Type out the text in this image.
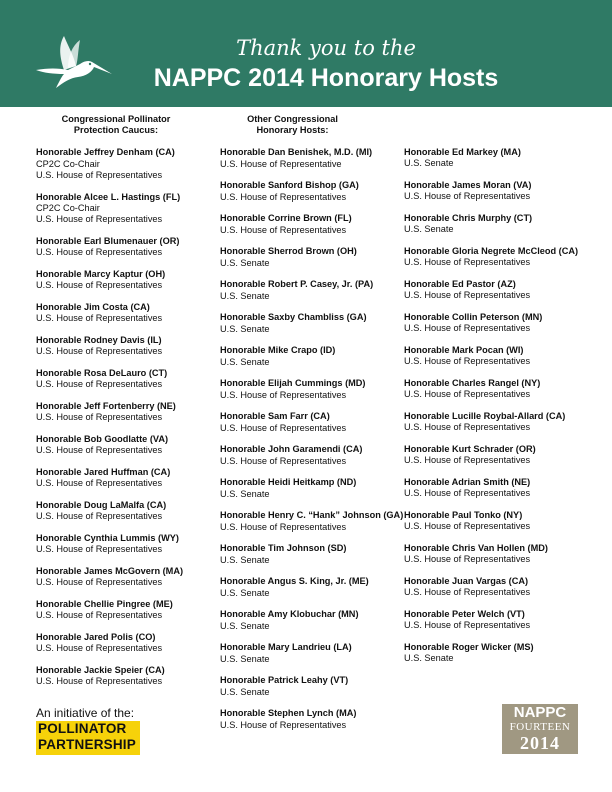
Thank you to the
NAPPC 2014 Honorary Hosts
Congressional Pollinator
Protection Caucus:
Honorable Jeffrey Denham (CA)
CP2C Co-Chair
U.S. House of Representatives
Honorable Alcee L. Hastings (FL)
CP2C Co-Chair
U.S. House of Representatives
Honorable Earl Blumenauer (OR)
U.S. House of Representatives
Honorable Marcy Kaptur (OH)
U.S. House of Representatives
Honorable Jim Costa (CA)
U.S. House of Representatives
Honorable Rodney Davis (IL)
U.S. House of Representatives
Honorable Rosa DeLauro (CT)
U.S. House of Representatives
Honorable Jeff Fortenberry (NE)
U.S. House of Representatives
Honorable Bob Goodlatte (VA)
U.S. House of Representatives
Honorable Jared Huffman (CA)
U.S. House of Representatives
Honorable Doug LaMalfa (CA)
U.S. House of Representatives
Honorable Cynthia Lummis (WY)
U.S. House of Representatives
Honorable James McGovern (MA)
U.S. House of Representatives
Honorable Chellie Pingree (ME)
U.S. House of Representatives
Honorable Jared Polis (CO)
U.S. House of Representatives
Honorable Jackie Speier (CA)
U.S. House of Representatives
Other Congressional
Honorary Hosts:
Honorable Dan Benishek, M.D. (MI)
U.S. House of Representative
Honorable Sanford Bishop (GA)
U.S. House of Representatives
Honorable Corrine Brown (FL)
U.S. House of Representatives
Honorable Sherrod Brown (OH)
U.S. Senate
Honorable Robert P. Casey, Jr. (PA)
U.S. Senate
Honorable Saxby Chambliss (GA)
U.S. Senate
Honorable Mike Crapo (ID)
U.S. Senate
Honorable Elijah Cummings (MD)
U.S. House of Representatives
Honorable Sam Farr (CA)
U.S. House of Representatives
Honorable John Garamendi (CA)
U.S. House of Representatives
Honorable Heidi Heitkamp (ND)
U.S. Senate
Honorable Henry C. “Hank” Johnson (GA)
U.S. House of Representatives
Honorable Tim Johnson (SD)
U.S. Senate
Honorable Angus S. King, Jr. (ME)
U.S. Senate
Honorable Amy Klobuchar (MN)
U.S. Senate
Honorable Mary Landrieu (LA)
U.S. Senate
Honorable Patrick Leahy (VT)
U.S. Senate
Honorable Stephen Lynch (MA)
U.S. House of Representatives
Honorable Ed Markey (MA)
U.S. Senate
Honorable James Moran (VA)
U.S. House of Representatives
Honorable Chris Murphy (CT)
U.S. Senate
Honorable Gloria Negrete McCleod (CA)
U.S. House of Representatives
Honorable Ed Pastor (AZ)
U.S. House of Representatives
Honorable Collin Peterson (MN)
U.S. House of Representatives
Honorable Mark Pocan (WI)
U.S. House of Representatives
Honorable Charles Rangel (NY)
U.S. House of Representatives
Honorable Lucille Roybal-Allard (CA)
U.S. House of Representatives
Honorable Kurt Schrader (OR)
U.S. House of Representatives
Honorable Adrian Smith (NE)
U.S. House of Representatives
Honorable Paul Tonko (NY)
U.S. House of Representatives
Honorable Chris Van Hollen (MD)
U.S. House of Representatives
Honorable Juan Vargas (CA)
U.S. House of Representatives
Honorable Peter Welch (VT)
U.S. House of Representatives
Honorable Roger Wicker (MS)
U.S. Senate
An initiative of the:
POLLINATOR
PARTNERSHIP
NAPPC
FOURTEEN
2014
